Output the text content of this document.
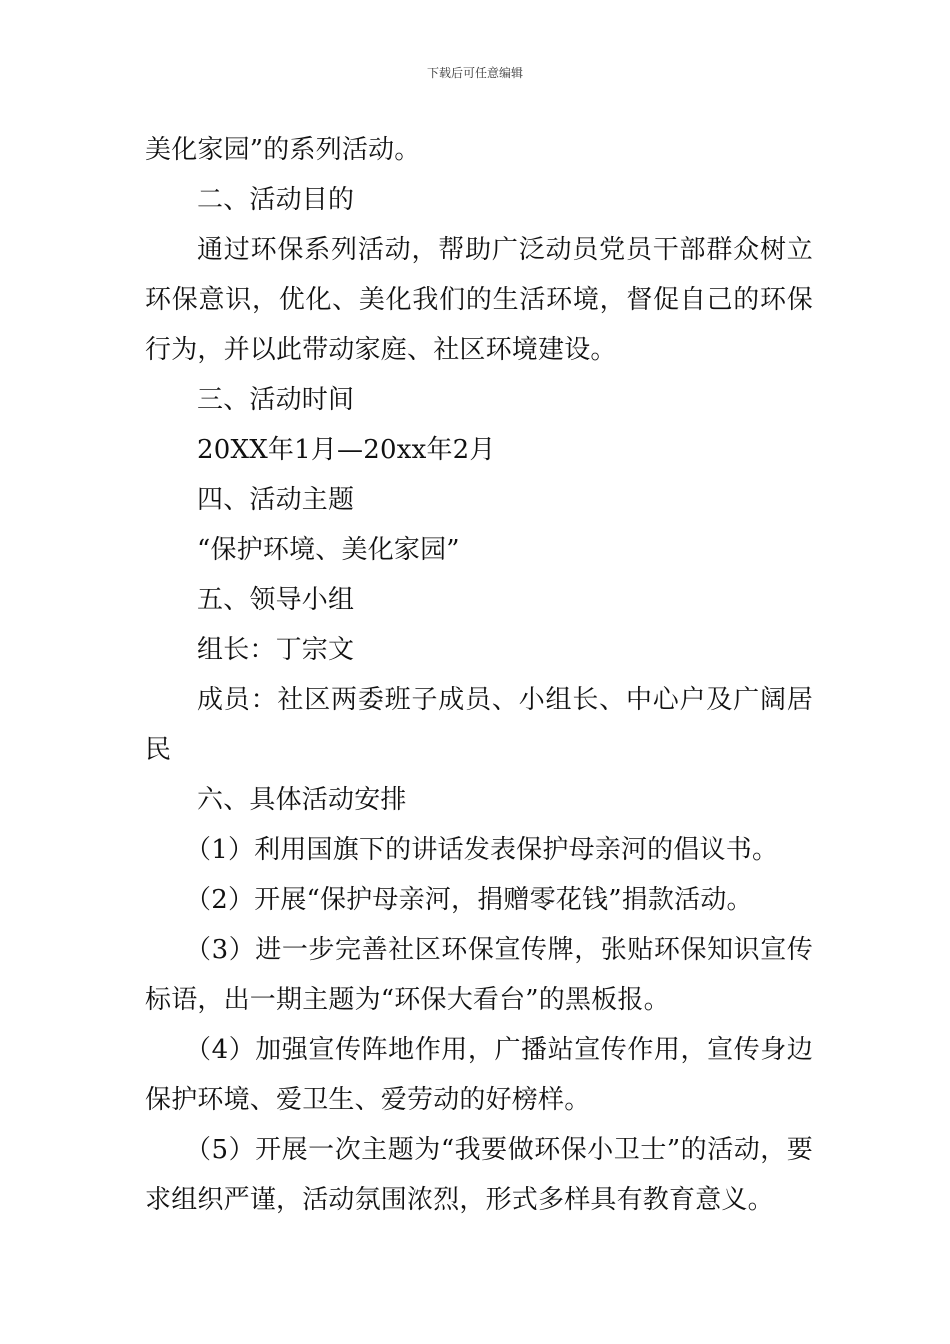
下载后可任意编辑

美化家园”的系列活动。

二、活动目的

通过环保系列活动，帮助广泛动员党员干部群众树立环保意识，优化、美化我们的生活环境，督促自己的环保行为，并以此带动家庭、社区环境建设。

三、活动时间

20XX年1月—20xx年2月

四、活动主题

“保护环境、美化家园”

五、领导小组

组长：丁宗文

成员：社区两委班子成员、小组长、中心户及广阔居民

六、具体活动安排

（1）利用国旗下的讲话发表保护母亲河的倡议书。

（2）开展“保护母亲河，捐赠零花钱”捐款活动。

（3）进一步完善社区环保宣传牌，张贴环保知识宣传标语，出一期主题为“环保大看台”的黑板报。

（4）加强宣传阵地作用，广播站宣传作用，宣传身边保护环境、爱卫生、爱劳动的好榜样。

（5）开展一次主题为“我要做环保小卫士”的活动，要求组织严谨，活动氛围浓烈，形式多样具有教育意义。
